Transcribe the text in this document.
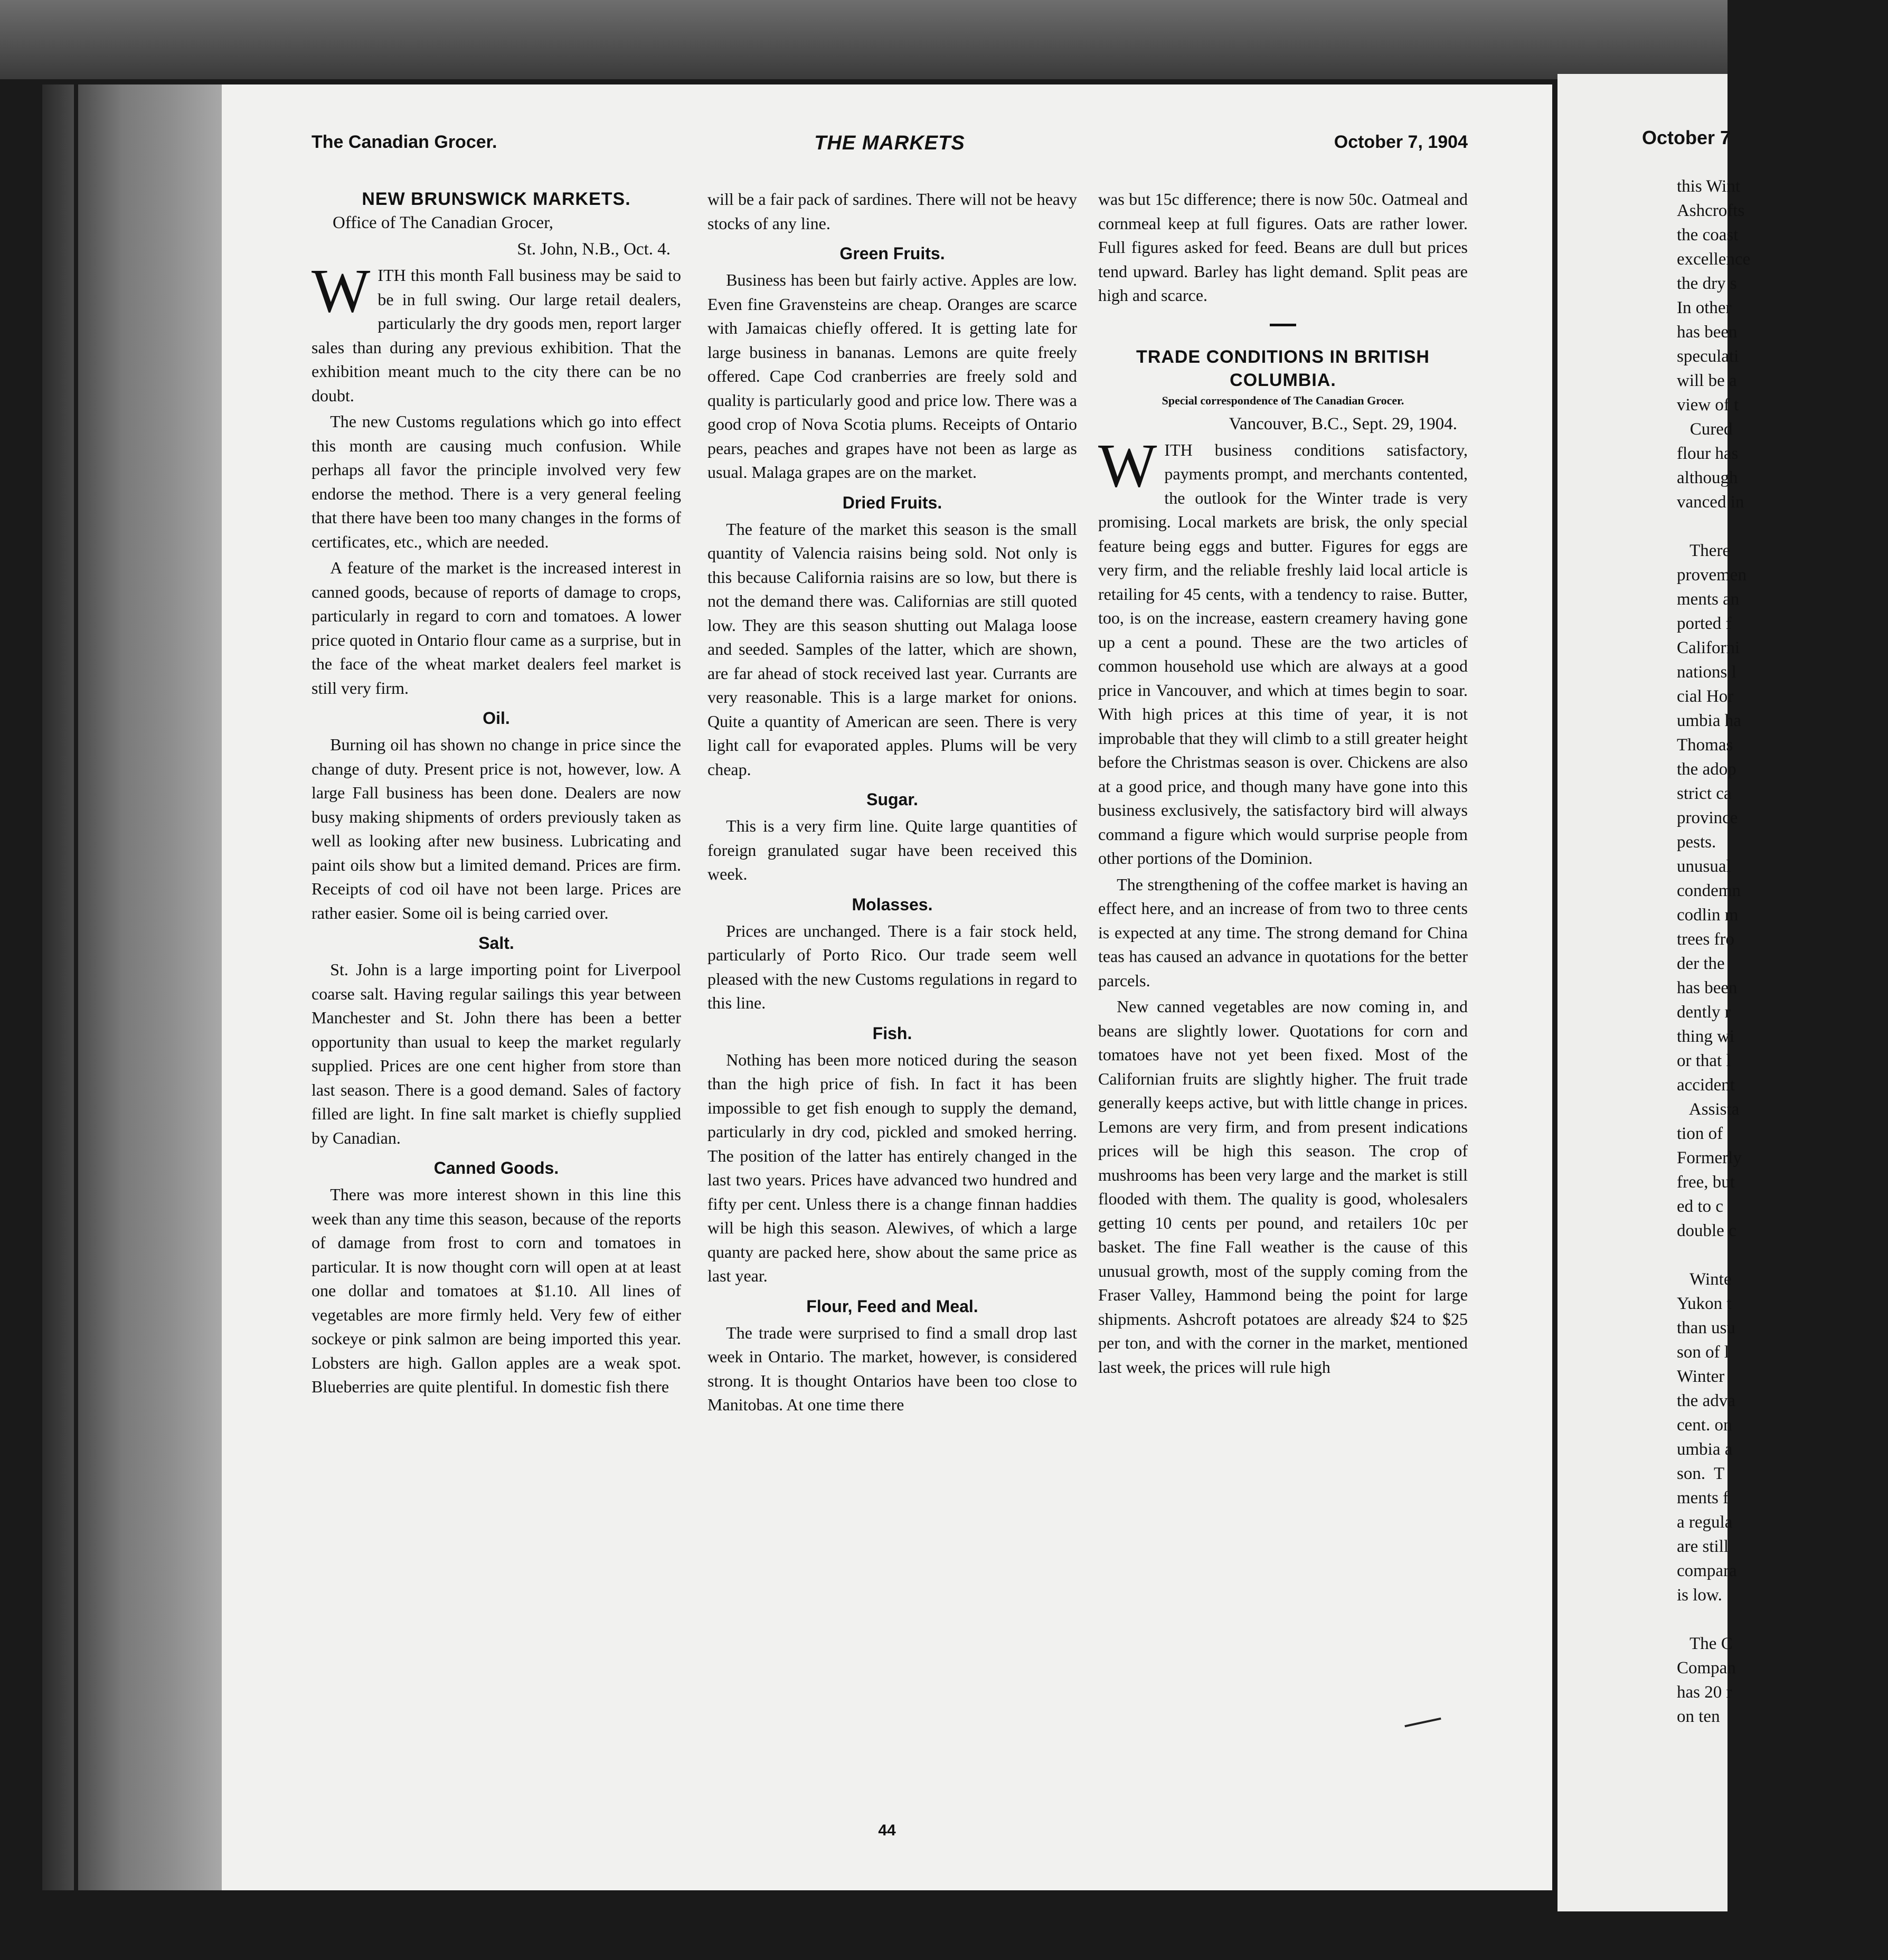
The Canadian Grocer.	THE MARKETS	October 7, 1904
NEW BRUNSWICK MARKETS.

Office of The Canadian Grocer,

St. John, N.B., Oct. 4.

WITH this month Fall business may be said to be in full swing. Our large retail dealers, particularly the dry goods men, report larger sales than during any previous exhibition. That the exhibition meant much to the city there can be no doubt.

The new Customs regulations which go into effect this month are causing much confusion. While perhaps all favor the principle involved very few endorse the method. There is a very general feeling that there have been too many changes in the forms of certificates, etc., which are needed.

A feature of the market is the increased interest in canned goods, because of reports of damage to crops, particularly in regard to corn and tomatoes. A lower price quoted in Ontario flour came as a surprise, but in the face of the wheat market dealers feel market is still very firm.

Oil.

Burning oil has shown no change in price since the change of duty. Present price is not, however, low. A large Fall business has been done. Dealers are now busy making shipments of orders previously taken as well as looking after new business. Lubricating and paint oils show but a limited demand. Prices are firm. Receipts of cod oil have not been large. Prices are rather easier. Some oil is being carried over.

Salt.

St. John is a large importing point for Liverpool coarse salt. Having regular sailings this year between Manchester and St. John there has been a better opportunity than usual to keep the market regularly supplied. Prices are one cent higher from store than last season. There is a good demand. Sales of factory filled are light. In fine salt market is chiefly supplied by Canadian.

Canned Goods.

There was more interest shown in this line this week than any time this season, because of the reports of damage from frost to corn and tomatoes in particular. It is now thought corn will open at at least one dollar and tomatoes at $1.10. All lines of vegetables are more firmly held. Very few of either sockeye or pink salmon are being imported this year. Lobsters are high. Gallon apples are a weak spot. Blueberries are quite plentiful. In domestic fish there

will be a fair pack of sardines. There will not be heavy stocks of any line.

Green Fruits.

Business has been but fairly active. Apples are low. Even fine Gravensteins are cheap. Oranges are scarce with Jamaicas chiefly offered. It is getting late for large business in bananas. Lemons are quite freely offered. Cape Cod cranberries are freely sold and quality is particularly good and price low. There was a good crop of Nova Scotia plums. Receipts of Ontario pears, peaches and grapes have not been as large as usual. Malaga grapes are on the market.

Dried Fruits.

The feature of the market this season is the small quantity of Valencia raisins being sold. Not only is this because California raisins are so low, but there is not the demand there was. Californias are still quoted low. They are this season shutting out Malaga loose and seeded. Samples of the latter, which are shown, are far ahead of stock received last year. Currants are very reasonable. This is a large market for onions. Quite a quantity of American are seen. There is very light call for evaporated apples. Plums will be very cheap.

Sugar.

This is a very firm line. Quite large quantities of foreign granulated sugar have been received this week.

Molasses.

Prices are unchanged. There is a fair stock held, particularly of Porto Rico. Our trade seem well pleased with the new Customs regulations in regard to this line.

Fish.

Nothing has been more noticed during the season than the high price of fish. In fact it has been impossible to get fish enough to supply the demand, particularly in dry cod, pickled and smoked herring. The position of the latter has entirely changed in the last two years. Prices have advanced two hundred and fifty per cent. Unless there is a change finnan haddies will be high this season. Alewives, of which a large quanty are packed here, show about the same price as last year.

Flour, Feed and Meal.

The trade were surprised to find a small drop last week in Ontario. The market, however, is considered strong. It is thought Ontarios have been too close to Manitobas. At one time there

was but 15c difference; there is now 50c. Oatmeal and cornmeal keep at full figures. Oats are rather lower. Full figures asked for feed. Beans are dull but prices tend upward. Barley has light demand. Split peas are high and scarce.

TRADE CONDITIONS IN BRITISH COLUMBIA.

Special correspondence of The Canadian Grocer.

Vancouver, B.C., Sept. 29, 1904.

WITH business conditions satisfactory, payments prompt, and merchants contented, the outlook for the Winter trade is very promising. Local markets are brisk, the only special feature being eggs and butter. Figures for eggs are very firm, and the reliable freshly laid local article is retailing for 45 cents, with a tendency to raise. Butter, too, is on the increase, eastern creamery having gone up a cent a pound. These are the two articles of common household use which are always at a good price in Vancouver, and which at times begin to soar. With high prices at this time of year, it is not improbable that they will climb to a still greater height before the Christmas season is over. Chickens are also at a good price, and though many have gone into this business exclusively, the satisfactory bird will always command a figure which would surprise people from other portions of the Dominion.

The strengthening of the coffee market is having an effect here, and an increase of from two to three cents is expected at any time. The strong demand for China teas has caused an advance in quotations for the better parcels.

New canned vegetables are now coming in, and beans are slightly lower. Quotations for corn and tomatoes have not yet been fixed. Most of the Californian fruits are slightly higher. The fruit trade generally keeps active, but with little change in prices. Lemons are very firm, and from present indications prices will be high this season. The crop of mushrooms has been very large and the market is still flooded with them. The quality is good, wholesalers getting 10 cents per pound, and retailers 10c per basket. The fine Fall weather is the cause of this unusual growth, most of the supply coming from the Fraser Valley, Hammond being the point for large shipments. Ashcroft potatoes are already $24 to $25 per ton, and with the corner in the market, mentioned last week, the prices will rule high

44
October 7
this Wint
Ashcrofts
the coast
excellence
the dry s
In other
has been
speculati
will be a
view of t
Cured
flour has
although
vanced in

There
provemen
ments an
ported f
Californi
nations l
cial Hor
umbia ha
Thomas
the adop
strict ca
province
pests.
unusual
condemn
codlin m
trees fro
der the
has been
dently r
thing wi
or that l
accident
Assista
tion of
Formerly
free, but
ed to c
double c

Winte
Yukon t
than usu
son of l
Winter
the adva
cent. on
umbia a
son.  T
ments f
a regula
are still
compara
is low.

The C
Compan
has 20 r
on ten
